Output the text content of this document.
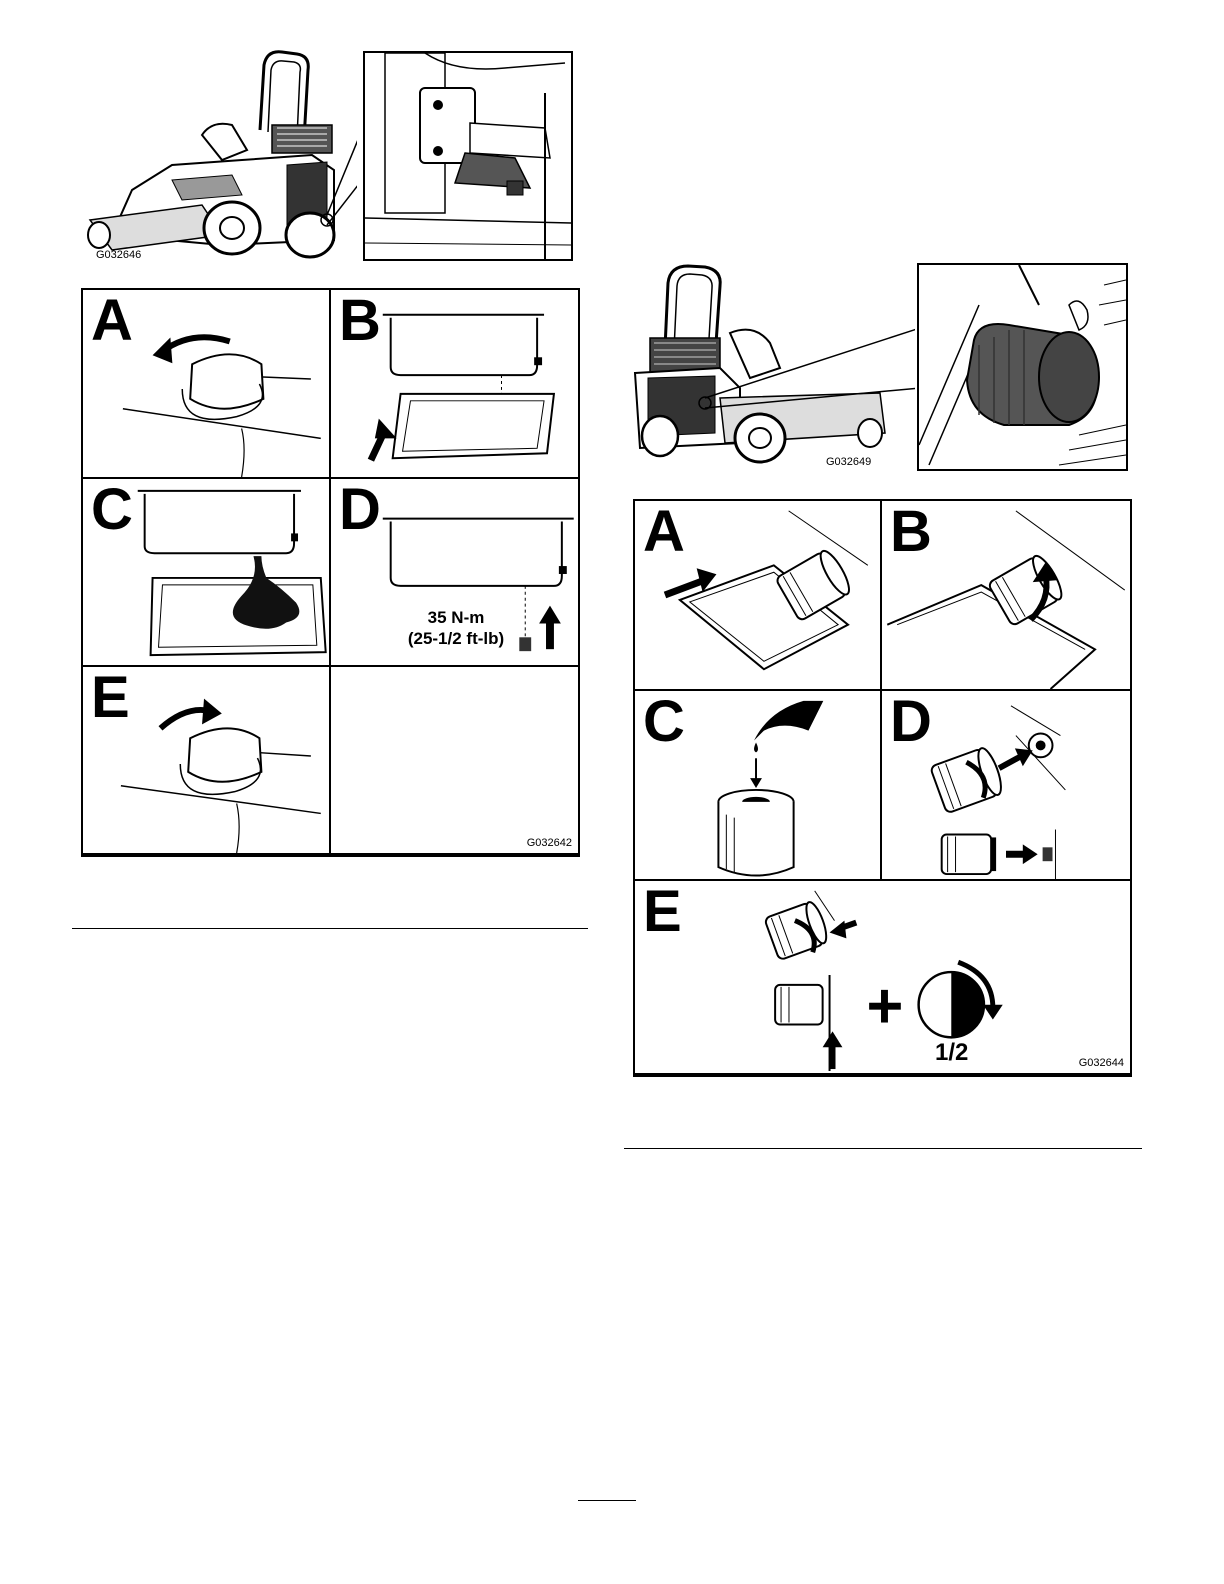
G032646
A	B
C	D
35 N-m
(25-1/2 ft-lb)
E
G032642
G032649
A	B
C	D
E
1/2	G032644
